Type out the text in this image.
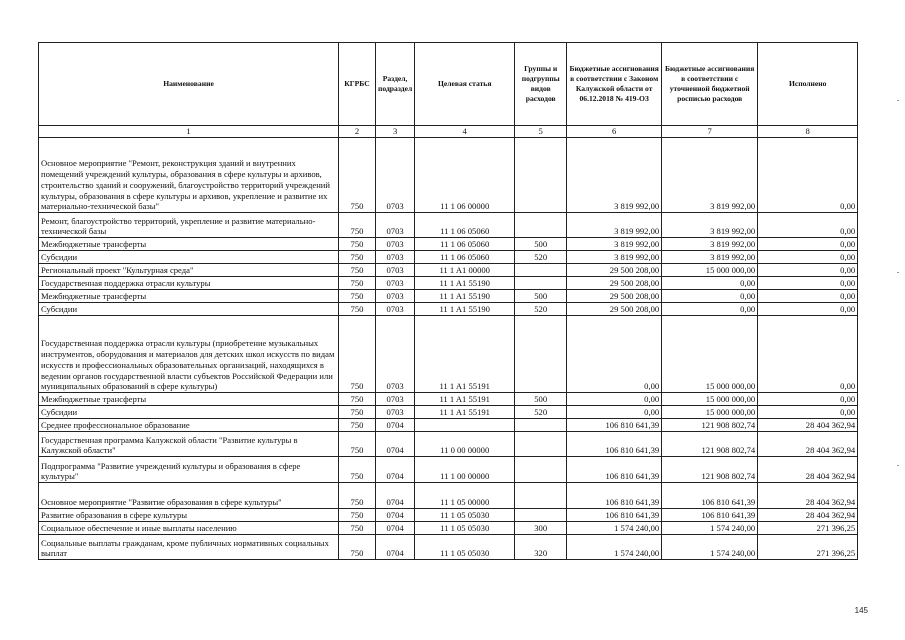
Наименование	КГРБС	Раздел, подраздел	Целевая статья	Группы и подгруппы видов расходов	Бюджетные ассигнования в соответствии с Законом Калужской области от 06.12.2018 № 419-ОЗ	Бюджетные ассигнования в соответствии с уточненной бюджетной росписью расходов	Исполнено
1	2	3	4	5	6	7	8
Основное мероприятие "Ремонт, реконструкция зданий и внутренних помещений учреждений культуры, образования в сфере культуры и архивов, строительство зданий и сооружений, благоустройство территорий учреждений культуры, образования в сфере культуры и архивов, укрепление и развитие их материально-технической базы"	750	0703	11 1 06 00000		3 819 992,00	3 819 992,00	0,00
Ремонт, благоустройство территорий, укрепление и развитие материально-технической базы	750	0703	11 1 06 05060		3 819 992,00	3 819 992,00	0,00
Межбюджетные трансферты	750	0703	11 1 06 05060	500	3 819 992,00	3 819 992,00	0,00
Субсидии	750	0703	11 1 06 05060	520	3 819 992,00	3 819 992,00	0,00
Региональный проект "Культурная среда"	750	0703	11 1 A1 00000		29 500 208,00	15 000 000,00	0,00
Государственная поддержка отрасли культуры	750	0703	11 1 A1 55190		29 500 208,00	0,00	0,00
Межбюджетные трансферты	750	0703	11 1 A1 55190	500	29 500 208,00	0,00	0,00
Субсидии	750	0703	11 1 A1 55190	520	29 500 208,00	0,00	0,00
Государственная поддержка отрасли культуры (приобретение музыкальных инструментов, оборудования и материалов для детских школ искусств по видам искусств и профессиональных образовательных организаций, находящихся в ведении органов государственной власти субъектов Российской Федерации или муниципальных образований в сфере культуры)	750	0703	11 1 A1 55191		0,00	15 000 000,00	0,00
Межбюджетные трансферты	750	0703	11 1 A1 55191	500	0,00	15 000 000,00	0,00
Субсидии	750	0703	11 1 A1 55191	520	0,00	15 000 000,00	0,00
Среднее профессиональное образование	750	0704			106 810 641,39	121 908 802,74	28 404 362,94
Государственная программа Калужской области "Развитие культуры в Калужской области"	750	0704	11 0 00 00000		106 810 641,39	121 908 802,74	28 404 362,94
Подпрограмма "Развитие учреждений культуры и образования в сфере культуры"	750	0704	11 1 00 00000		106 810 641,39	121 908 802,74	28 404 362,94
Основное мероприятие "Развитие образования в сфере культуры"	750	0704	11 1 05 00000		106 810 641,39	106 810 641,39	28 404 362,94
Развитие образования в сфере культуры	750	0704	11 1 05 05030		106 810 641,39	106 810 641,39	28 404 362,94
Социальное обеспечение и иные выплаты населению	750	0704	11 1 05 05030	300	1 574 240,00	1 574 240,00	271 396,25
Социальные выплаты гражданам, кроме публичных нормативных социальных выплат	750	0704	11 1 05 05030	320	1 574 240,00	1 574 240,00	271 396,25
145
